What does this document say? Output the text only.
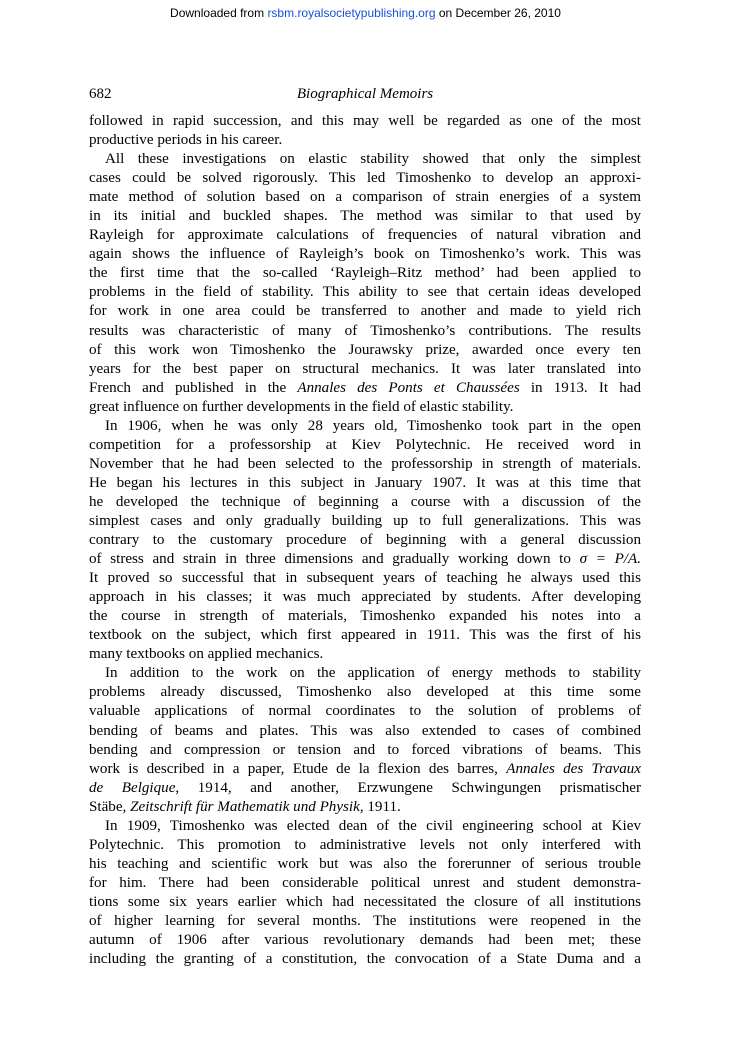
Downloaded from rsbm.royalsocietypublishing.org on December 26, 2010
Biographical Memoirs
682
followed in rapid succession, and this may well be regarded as one of the most
productive periods in his career.
All these investigations on elastic stability showed that only the simplest
cases could be solved rigorously. This led Timoshenko to develop an approxi-
mate method of solution based on a comparison of strain energies of a system
in its initial and buckled shapes. The method was similar to that used by
Rayleigh for approximate calculations of frequencies of natural vibration and
again shows the influence of Rayleigh’s book on Timoshenko’s work. This was
the first time that the so-called ‘Rayleigh–Ritz method’ had been applied to
problems in the field of stability. This ability to see that certain ideas developed
for work in one area could be transferred to another and made to yield rich
results was characteristic of many of Timoshenko’s contributions. The results
of this work won Timoshenko the Jourawsky prize, awarded once every ten
years for the best paper on structural mechanics. It was later translated into
French and published in the Annales des Ponts et Chaussées in 1913. It had
great influence on further developments in the field of elastic stability.
In 1906, when he was only 28 years old, Timoshenko took part in the open
competition for a professorship at Kiev Polytechnic. He received word in
November that he had been selected to the professorship in strength of materials.
He began his lectures in this subject in January 1907. It was at this time that
he developed the technique of beginning a course with a discussion of the
simplest cases and only gradually building up to full generalizations. This was
contrary to the customary procedure of beginning with a general discussion
of stress and strain in three dimensions and gradually working down to σ = P/A.
It proved so successful that in subsequent years of teaching he always used this
approach in his classes; it was much appreciated by students. After developing
the course in strength of materials, Timoshenko expanded his notes into a
textbook on the subject, which first appeared in 1911. This was the first of his
many textbooks on applied mechanics.
In addition to the work on the application of energy methods to stability
problems already discussed, Timoshenko also developed at this time some
valuable applications of normal coordinates to the solution of problems of
bending of beams and plates. This was also extended to cases of combined
bending and compression or tension and to forced vibrations of beams. This
work is described in a paper, Etude de la flexion des barres, Annales des Travaux
de Belgique, 1914, and another, Erzwungene Schwingungen prismatischer
Stäbe, Zeitschrift für Mathematik und Physik, 1911.
In 1909, Timoshenko was elected dean of the civil engineering school at Kiev
Polytechnic. This promotion to administrative levels not only interfered with
his teaching and scientific work but was also the forerunner of serious trouble
for him. There had been considerable political unrest and student demonstra-
tions some six years earlier which had necessitated the closure of all institutions
of higher learning for several months. The institutions were reopened in the
autumn of 1906 after various revolutionary demands had been met; these
including the granting of a constitution, the convocation of a State Duma and a
